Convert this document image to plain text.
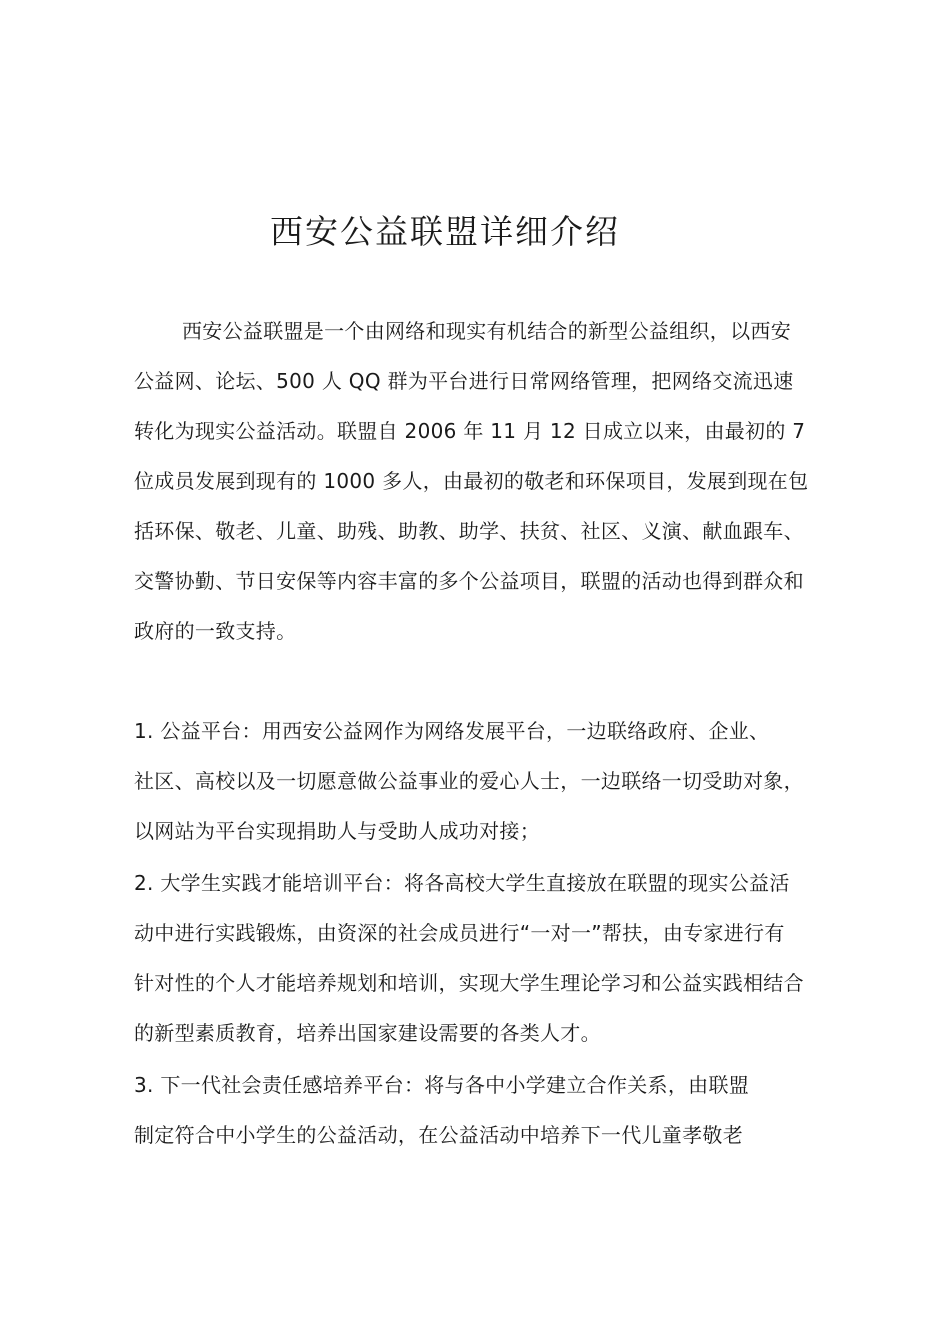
西安公益联盟详细介绍

西安公益联盟是一个由网络和现实有机结合的新型公益组织，以西安

公益网、论坛、500 人 QQ 群为平台进行日常网络管理，把网络交流迅速

转化为现实公益活动。联盟自 2006 年 11 月 12 日成立以来，由最初的 7

位成员发展到现有的 1000 多人，由最初的敬老和环保项目，发展到现在包

括环保、敬老、儿童、助残、助教、助学、扶贫、社区、义演、献血跟车、

交警协勤、节日安保等内容丰富的多个公益项目，联盟的活动也得到群众和

政府的一致支持。

1. 公益平台：用西安公益网作为网络发展平台，一边联络政府、企业、

社区、高校以及一切愿意做公益事业的爱心人士，一边联络一切受助对象，

以网站为平台实现捐助人与受助人成功对接；

2. 大学生实践才能培训平台：将各高校大学生直接放在联盟的现实公益活

动中进行实践锻炼，由资深的社会成员进行“一对一”帮扶，由专家进行有

针对性的个人才能培养规划和培训，实现大学生理论学习和公益实践相结合

的新型素质教育，培养出国家建设需要的各类人才。

3. 下一代社会责任感培养平台：将与各中小学建立合作关系，由联盟

制定符合中小学生的公益活动，在公益活动中培养下一代儿童孝敬老
